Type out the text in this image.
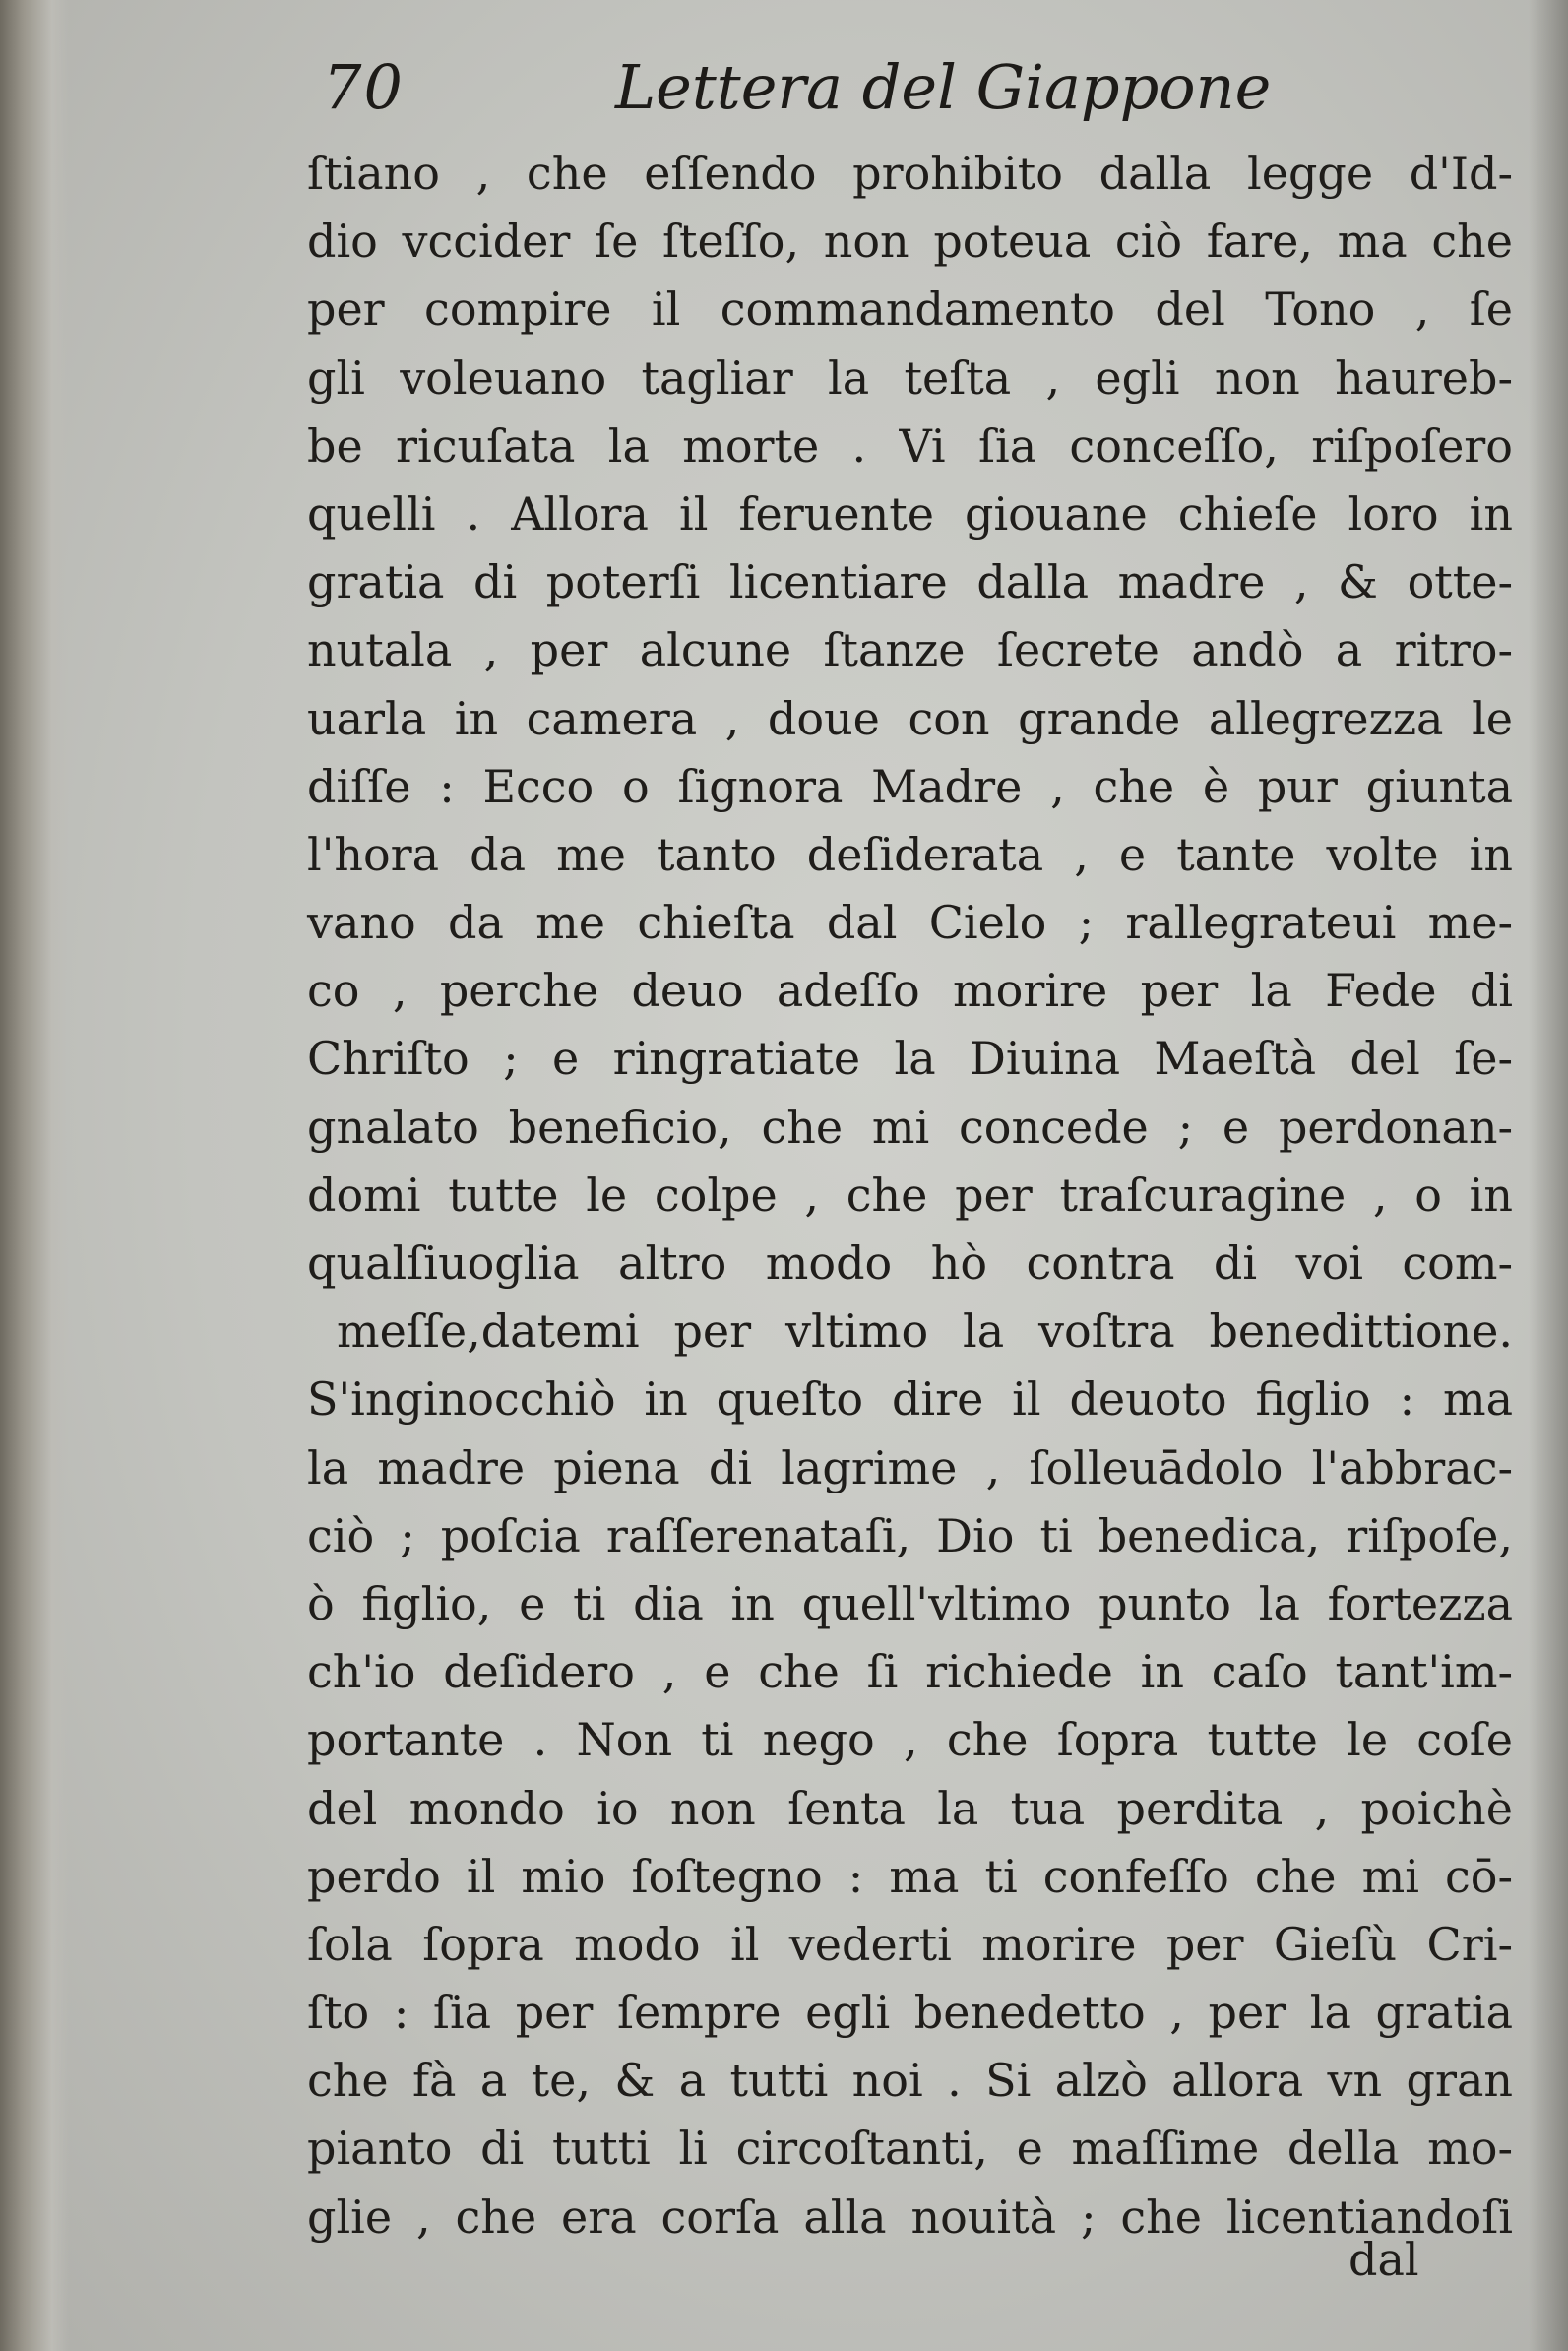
70	Lettera del Giappone
ſtiano , che eſſendo prohibito dalla legge d'Id-
dio vccider ſe ſteſſo, non poteua ciò fare, ma che
per compire il commandamento del Tono , ſe
gli voleuano tagliar la teſta , egli non haureb-
be ricuſata la morte . Vi ſia conceſſo, riſpoſero
quelli . Allora il feruente giouane chieſe loro in
gratia di poterſi licentiare dalla madre , & otte-
nutala , per alcune ſtanze ſecrete andò a ritro-
uarla in camera , doue con grande allegrezza le
diſſe : Ecco o ſignora Madre , che è pur giunta
l'hora da me tanto deſiderata , e tante volte in
vano da me chieſta dal Cielo ; rallegrateui me-
co , perche deuo adeſſo morire per la Fede di
Chriſto ; e ringratiate la Diuina Maeſtà del ſe-
gnalato beneficio, che mi concede ; e perdonan-
domi tutte le colpe , che per traſcuragine , o in
qualſiuoglia altro modo hò contra di voi com-
meſſe,datemi per vltimo la voſtra benedittione.
S'inginocchiò in queſto dire il deuoto figlio : ma
la madre piena di lagrime , ſolleuādolo l'abbrac-
ciò ; poſcia raſſerenataſi, Dio ti benedica, riſpoſe,
ò figlio, e ti dia in quell'vltimo punto la fortezza
ch'io deſidero , e che ſi richiede in caſo tant'im-
portante . Non ti nego , che ſopra tutte le coſe
del mondo io non ſenta la tua perdita , poichè
perdo il mio ſoſtegno : ma ti confeſſo che mi cō-
ſola ſopra modo il vederti morire per Gieſù Cri-
ſto : ſia per ſempre egli benedetto , per la gratia
che fà a te, & a tutti noi . Si alzò allora vn gran
pianto di tutti li circoſtanti, e maſſime della mo-
glie , che era corſa alla nouità ; che licentiandoſi
dal
